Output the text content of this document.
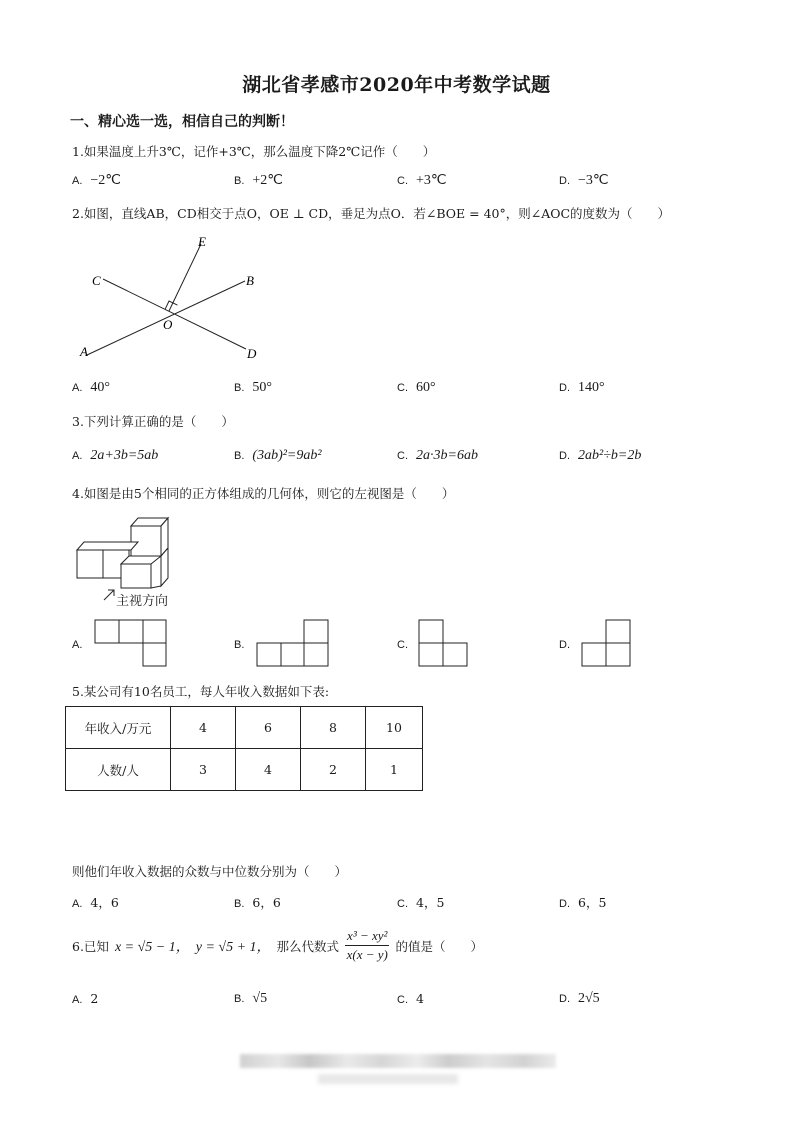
湖北省孝感市2020年中考数学试题
一、精心选一选，相信自己的判断！
1.如果温度上升3℃，记作+3℃，那么温度下降2℃记作（　　）
A. −2℃	B. +2℃	C. +3℃	D. −3℃
2.如图，直线AB，CD相交于点O，OE ⊥ CD，垂足为点O．若∠BOE = 40°，则∠AOC的度数为（　　）
E
C	B
O
A	D
A. 40°	B. 50°	C. 60°	D. 140°
3.下列计算正确的是（　　）
A. 2a+3b=5ab	B. (3ab)²=9ab²	C. 2a·3b=6ab	D. 2ab²÷b=2b
4.如图是由5个相同的正方体组成的几何体，则它的左视图是（　　）
主视方向
A.	B.	C.	D.
5.某公司有10名员工，每人年收入数据如下表:
年收入/万元	4	6	8	10
人数/人	3	4	2	1
则他们年收入数据的众数与中位数分别为（　　）
A. 4，6	B. 6，6	C. 4，5	D. 6，5
6.已知 x = √5 − 1， y = √5 + 1， 那么代数式 $\frac{\text{x³ − xy²}}{x(x - y)}$ 的值是（　　）
A. 2	B. √5	C. 4	D. 2√5
